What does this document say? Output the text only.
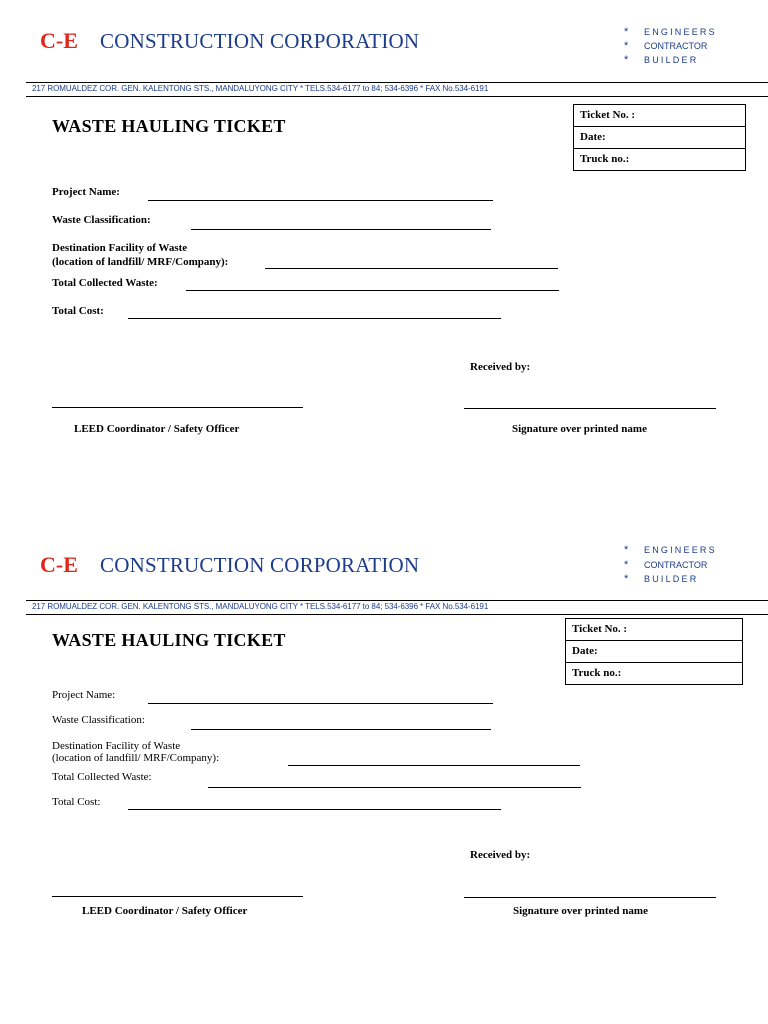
C-E CONSTRUCTION CORPORATION	* ENGINEERS
* CONTRACTOR
* BUILDER
217 ROMUALDEZ COR. GEN. KALENTONG STS., MANDALUYONG CITY * TELS.534-6177 to 84; 534-6396 * FAX No.534-6191
WASTE HAULING TICKET
Ticket No. :
Date:
Truck no.:
Project Name:
Waste Classification:
Destination Facility of Waste
(location of landfill/ MRF/Company):
Total Collected Waste:
Total Cost:
Received by:
LEED Coordinator / Safety Officer	Signature over printed name
C-E CONSTRUCTION CORPORATION
* ENGINEERS
* CONTRACTOR
* BUILDER
217 ROMUALDEZ COR. GEN. KALENTONG STS., MANDALUYONG CITY * TELS.534-6177 to 84; 534-6396 * FAX No.534-6191
WASTE HAULING TICKET
Ticket No. :
Date:
Truck no.:
Project Name:
Waste Classification:
Destination Facility of Waste
(location of landfill/ MRF/Company):
Total Collected Waste:
Total Cost:
Received by:
LEED Coordinator / Safety Officer	Signature over printed name
